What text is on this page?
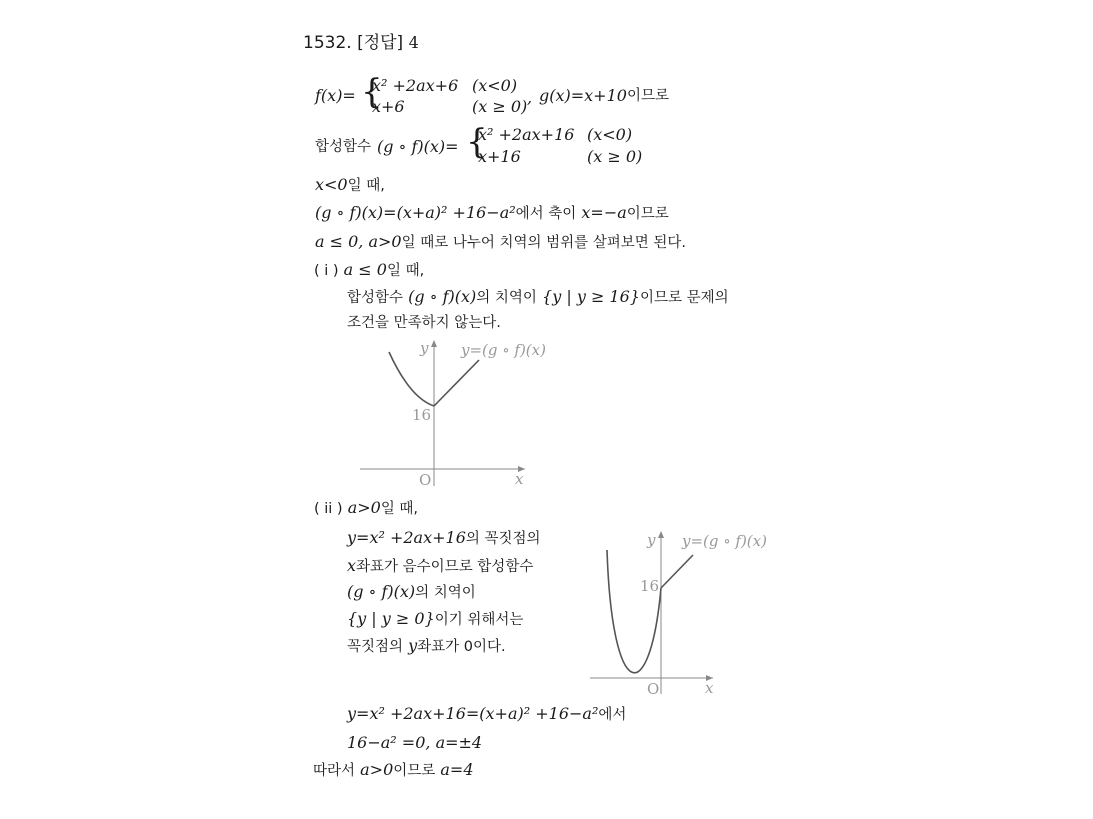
1532. [정답] 4
f(x)= {
x² +2ax+6 (x<0)
x+6	(x ≥ 0) , g(x)=x+10 이므로
합성함수 (g ∘ f)(x)= {
x² +2ax+16 (x<0)
x+16	(x ≥ 0)
x<0일 때,
(g ∘ f)(x)=(x+a)² +16−a²에서 축이 x=−a이므로
a ≤ 0, a>0일 때로 나누어 치역의 범위를 살펴보면 된다.
( i ) a ≤ 0일 때,
합성함수 (g ∘ f)(x)의 치역이 {y | y ≥ 16}이므로 문제의
조건을 만족하지 않는다.
y
x
O
16
y=(g ∘ f)(x)
( ii ) a>0일 때,
y=x² +2ax+16의 꼭짓점의
x좌표가 음수이므로 합성함수
(g ∘ f)(x)의 치역이
{y | y ≥ 0}이기 위해서는
꼭짓점의 y좌표가 0이다.
y
x
O
16
y=(g ∘ f)(x)
y=x² +2ax+16=(x+a)² +16−a²에서
16−a² =0, a=±4
따라서 a>0이므로 a=4
